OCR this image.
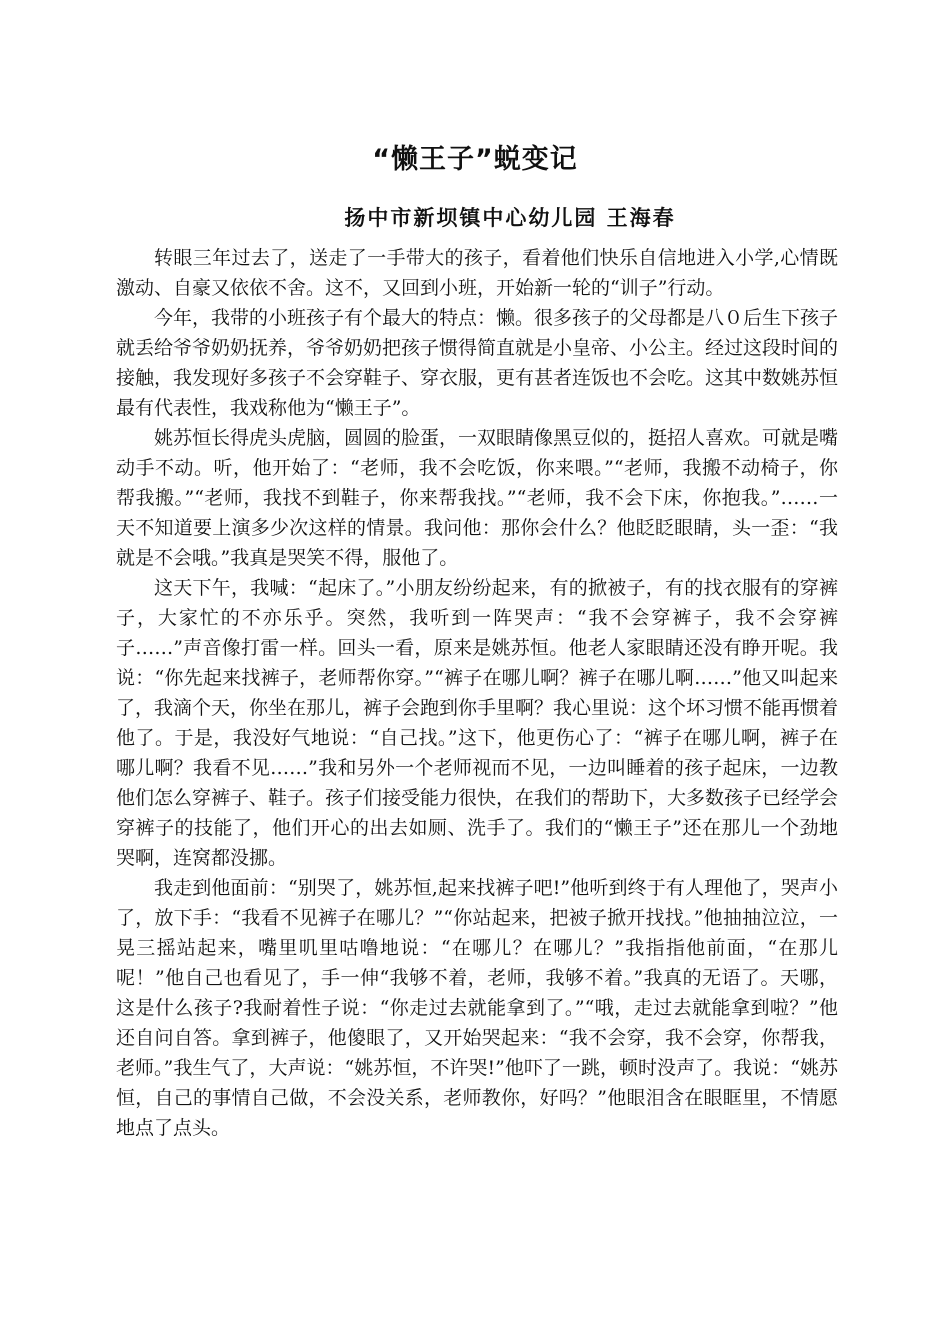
“懒王子”蜕变记
扬中市新坝镇中心幼儿园 王海春

转眼三年过去了，送走了一手带大的孩子，看着他们快乐自信地进入小学,心情既激动、自豪又依依不舍。这不，又回到小班，开始新一轮的“训子”行动。

今年，我带的小班孩子有个最大的特点：懒。很多孩子的父母都是八０后生下孩子就丢给爷爷奶奶抚养，爷爷奶奶把孩子惯得简直就是小皇帝、小公主。经过这段时间的接触，我发现好多孩子不会穿鞋子、穿衣服，更有甚者连饭也不会吃。这其中数姚苏恒最有代表性，我戏称他为“懒王子”。

姚苏恒长得虎头虎脑，圆圆的脸蛋，一双眼睛像黑豆似的，挺招人喜欢。可就是嘴动手不动。听，他开始了：“老师，我不会吃饭，你来喂。”“老师，我搬不动椅子，你帮我搬。”“老师，我找不到鞋子，你来帮我找。”“老师，我不会下床，你抱我。”……一天不知道要上演多少次这样的情景。我问他：那你会什么？他眨眨眼睛，头一歪：“我就是不会哦。”我真是哭笑不得，服他了。

这天下午，我喊：“起床了。”小朋友纷纷起来，有的掀被子，有的找衣服有的穿裤子，大家忙的不亦乐乎。突然，我听到一阵哭声：“我不会穿裤子，我不会穿裤子……”声音像打雷一样。回头一看，原来是姚苏恒。他老人家眼睛还没有睁开呢。我说：“你先起来找裤子，老师帮你穿。”“裤子在哪儿啊？裤子在哪儿啊……”他又叫起来了，我滴个天，你坐在那儿，裤子会跑到你手里啊？我心里说：这个坏习惯不能再惯着他了。于是，我没好气地说：“自己找。”这下，他更伤心了：“裤子在哪儿啊，裤子在哪儿啊？我看不见……”我和另外一个老师视而不见，一边叫睡着的孩子起床，一边教他们怎么穿裤子、鞋子。孩子们接受能力很快，在我们的帮助下，大多数孩子已经学会穿裤子的技能了，他们开心的出去如厕、洗手了。我们的“懒王子”还在那儿一个劲地哭啊，连窝都没挪。

我走到他面前：“别哭了，姚苏恒,起来找裤子吧!”他听到终于有人理他了，哭声小了，放下手：“我看不见裤子在哪儿？”“你站起来，把被子掀开找找。”他抽抽泣泣，一晃三摇站起来，嘴里叽里咕噜地说：“在哪儿？在哪儿？”我指指他前面，“在那儿呢！”他自己也看见了，手一伸“我够不着，老师，我够不着。”我真的无语了。天哪，这是什么孩子?我耐着性子说：“你走过去就能拿到了。”“哦，走过去就能拿到啦？”他还自问自答。拿到裤子，他傻眼了，又开始哭起来：“我不会穿，我不会穿，你帮我，老师。”我生气了，大声说：“姚苏恒，不许哭!”他吓了一跳，顿时没声了。我说：“姚苏恒，自己的事情自己做，不会没关系，老师教你，好吗？”他眼泪含在眼眶里，不情愿地点了点头。
